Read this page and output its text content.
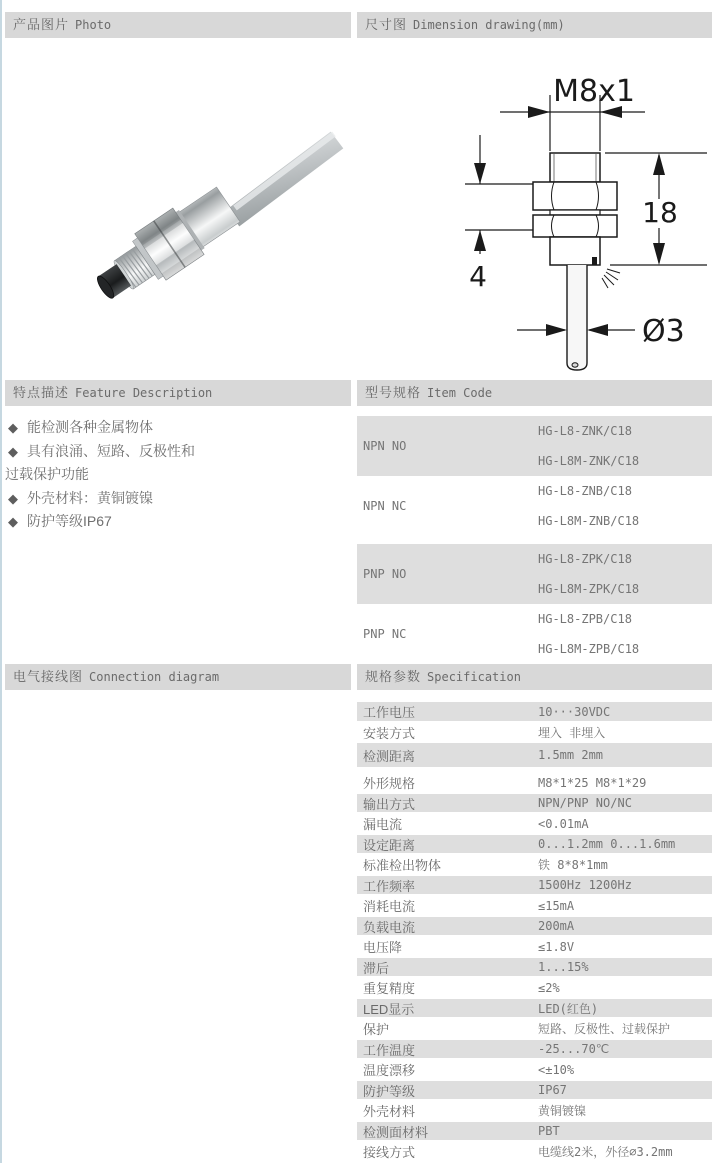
产品图片 Photo	尺寸图 Dimension drawing(mm)
M8x1
18
4
Ø3
特点描述 Feature Description	型号规格 Item Code
◆ 能检测各种金属物体
◆ 具有浪涌、短路、反极性和
过载保护功能
◆ 外壳材料：黄铜镀镍
◆ 防护等级IP67
NPN NO
HG-L8-ZNK/C18
HG-L8M-ZNK/C18
NPN NC
HG-L8-ZNB/C18
HG-L8M-ZNB/C18
PNP NO
HG-L8-ZPK/C18
HG-L8M-ZPK/C18
PNP NC
HG-L8-ZPB/C18
HG-L8M-ZPB/C18
电气接线图 Connection diagram	规格参数 Specification
工作电压	10···30VDC
安装方式	埋入 非埋入
检测距离	1.5mm 2mm
外形规格	M8*1*25 M8*1*29
输出方式	NPN/PNP NO/NC
漏电流	<0.01mA
设定距离	0...1.2mm 0...1.6mm
标准检出物体	铁 8*8*1mm
工作频率	1500Hz 1200Hz
消耗电流	≤15mA
负载电流	200mA
电压降	≤1.8V
滞后	1...15%
重复精度	≤2%
LED显示	LED(红色)
保护	短路、反极性、过载保护
工作温度	-25...70℃
温度漂移	<±10%
防护等级	IP67
外壳材料	黄铜镀镍
检测面材料	PBT
接线方式	电缆线2米，外径∅3.2mm
